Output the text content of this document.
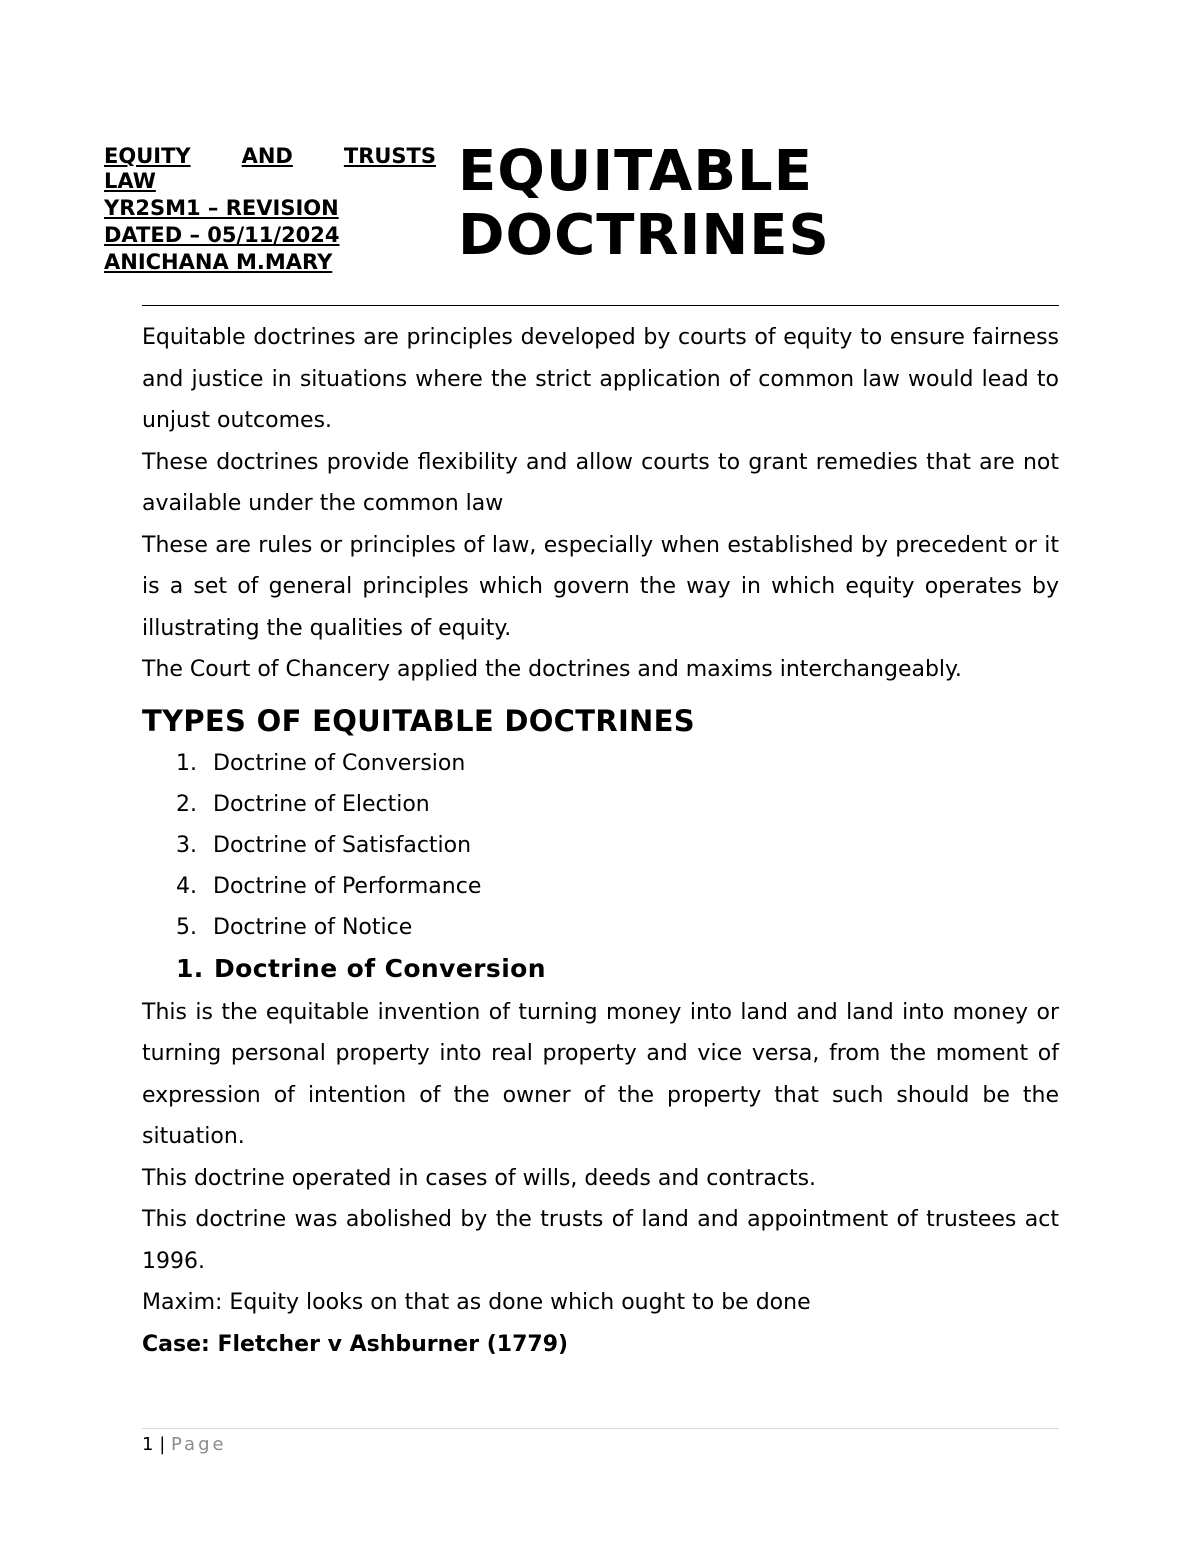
EQUITY AND TRUSTS
LAW
YR2SM1 – REVISION
DATED – 05/11/2024
ANICHANA M.MARY
EQUITABLE
DOCTRINES

Equitable doctrines are principles developed by courts of equity to ensure fairness and justice in situations where the strict application of common law would lead to unjust outcomes.

These doctrines provide flexibility and allow courts to grant remedies that are not available under the common law

These are rules or principles of law, especially when established by precedent or it is a set of general principles which govern the way in which equity operates by illustrating the qualities of equity.

The Court of Chancery applied the doctrines and maxims interchangeably.

TYPES OF EQUITABLE DOCTRINES
1. Doctrine of Conversion
2. Doctrine of Election
3. Doctrine of Satisfaction
4. Doctrine of Performance
5. Doctrine of Notice
1. Doctrine of Conversion

This is the equitable invention of turning money into land and land into money or turning personal property into real property and vice versa, from the moment of expression of intention of the owner of the property that such should be the situation.

This doctrine operated in cases of wills, deeds and contracts.

This doctrine was abolished by the trusts of land and appointment of trustees act 1996.

Maxim: Equity looks on that as done which ought to be done

Case: Fletcher v Ashburner (1779)

1 | Page
